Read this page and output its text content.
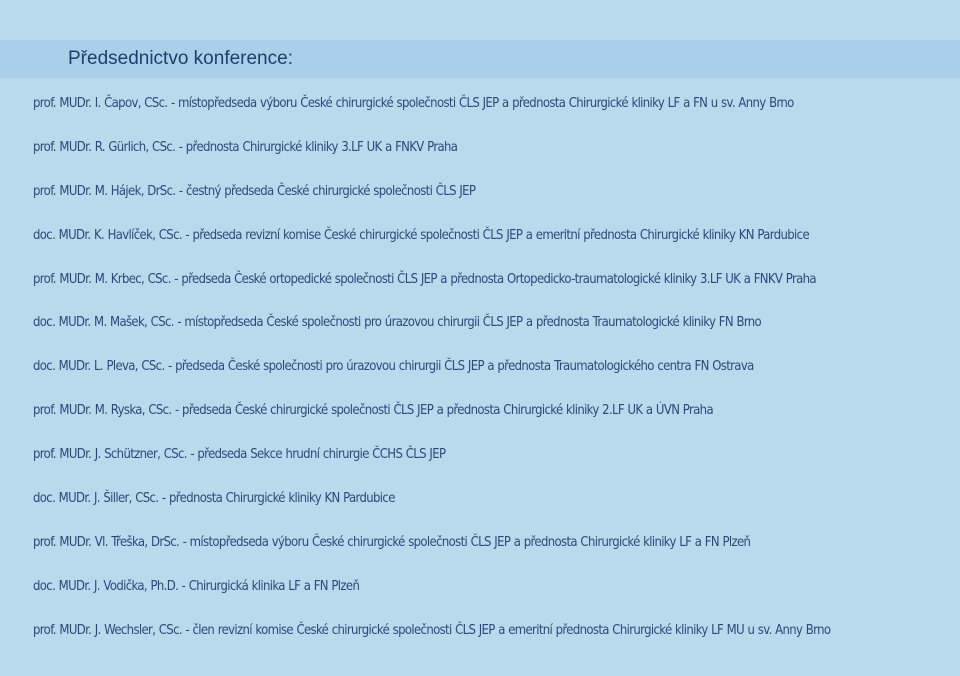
Předsednictvo konference:
prof. MUDr. I. Čapov, CSc. - místopředseda výboru České chirurgické společnosti ČLS JEP a přednosta Chirurgické kliniky LF a FN u sv. Anny Brno
prof. MUDr. R. Gürlich, CSc. - přednosta Chirurgické kliniky 3.LF UK a FNKV Praha
prof. MUDr. M. Hájek, DrSc. - čestný předseda České chirurgické společnosti ČLS JEP
doc. MUDr. K. Havlíček, CSc. - předseda revizní komise České chirurgické společnosti ČLS JEP a emeritní přednosta Chirurgické kliniky KN Pardubice
prof. MUDr. M. Krbec, CSc. - předseda České ortopedické společnosti ČLS JEP a přednosta Ortopedicko-traumatologické kliniky 3.LF UK a FNKV Praha
doc. MUDr. M. Mašek, CSc. - místopředseda České společnosti pro úrazovou chirurgii ČLS JEP a přednosta Traumatologické kliniky FN Brno
doc. MUDr. L. Pleva, CSc. - předseda České společnosti pro úrazovou chirurgii ČLS JEP a přednosta Traumatologického centra FN Ostrava
prof. MUDr. M. Ryska, CSc. - předseda České chirurgické společnosti ČLS JEP a přednosta Chirurgické kliniky 2.LF UK a ÚVN Praha
prof. MUDr. J. Schützner, CSc. - předseda Sekce hrudní chirurgie ČCHS ČLS JEP
doc. MUDr. J. Šiller, CSc. - přednosta Chirurgické kliniky KN Pardubice
prof. MUDr. Vl. Třeška, DrSc. - místopředseda výboru České chirurgické společnosti ČLS JEP a přednosta Chirurgické kliniky LF a FN Plzeň
doc. MUDr. J. Vodička, Ph.D. - Chirurgická klinika LF a FN Plzeň
prof. MUDr. J. Wechsler, CSc. - člen revizní komise České chirurgické společnosti ČLS JEP a emeritní přednosta Chirurgické kliniky LF MU u sv. Anny Brno
